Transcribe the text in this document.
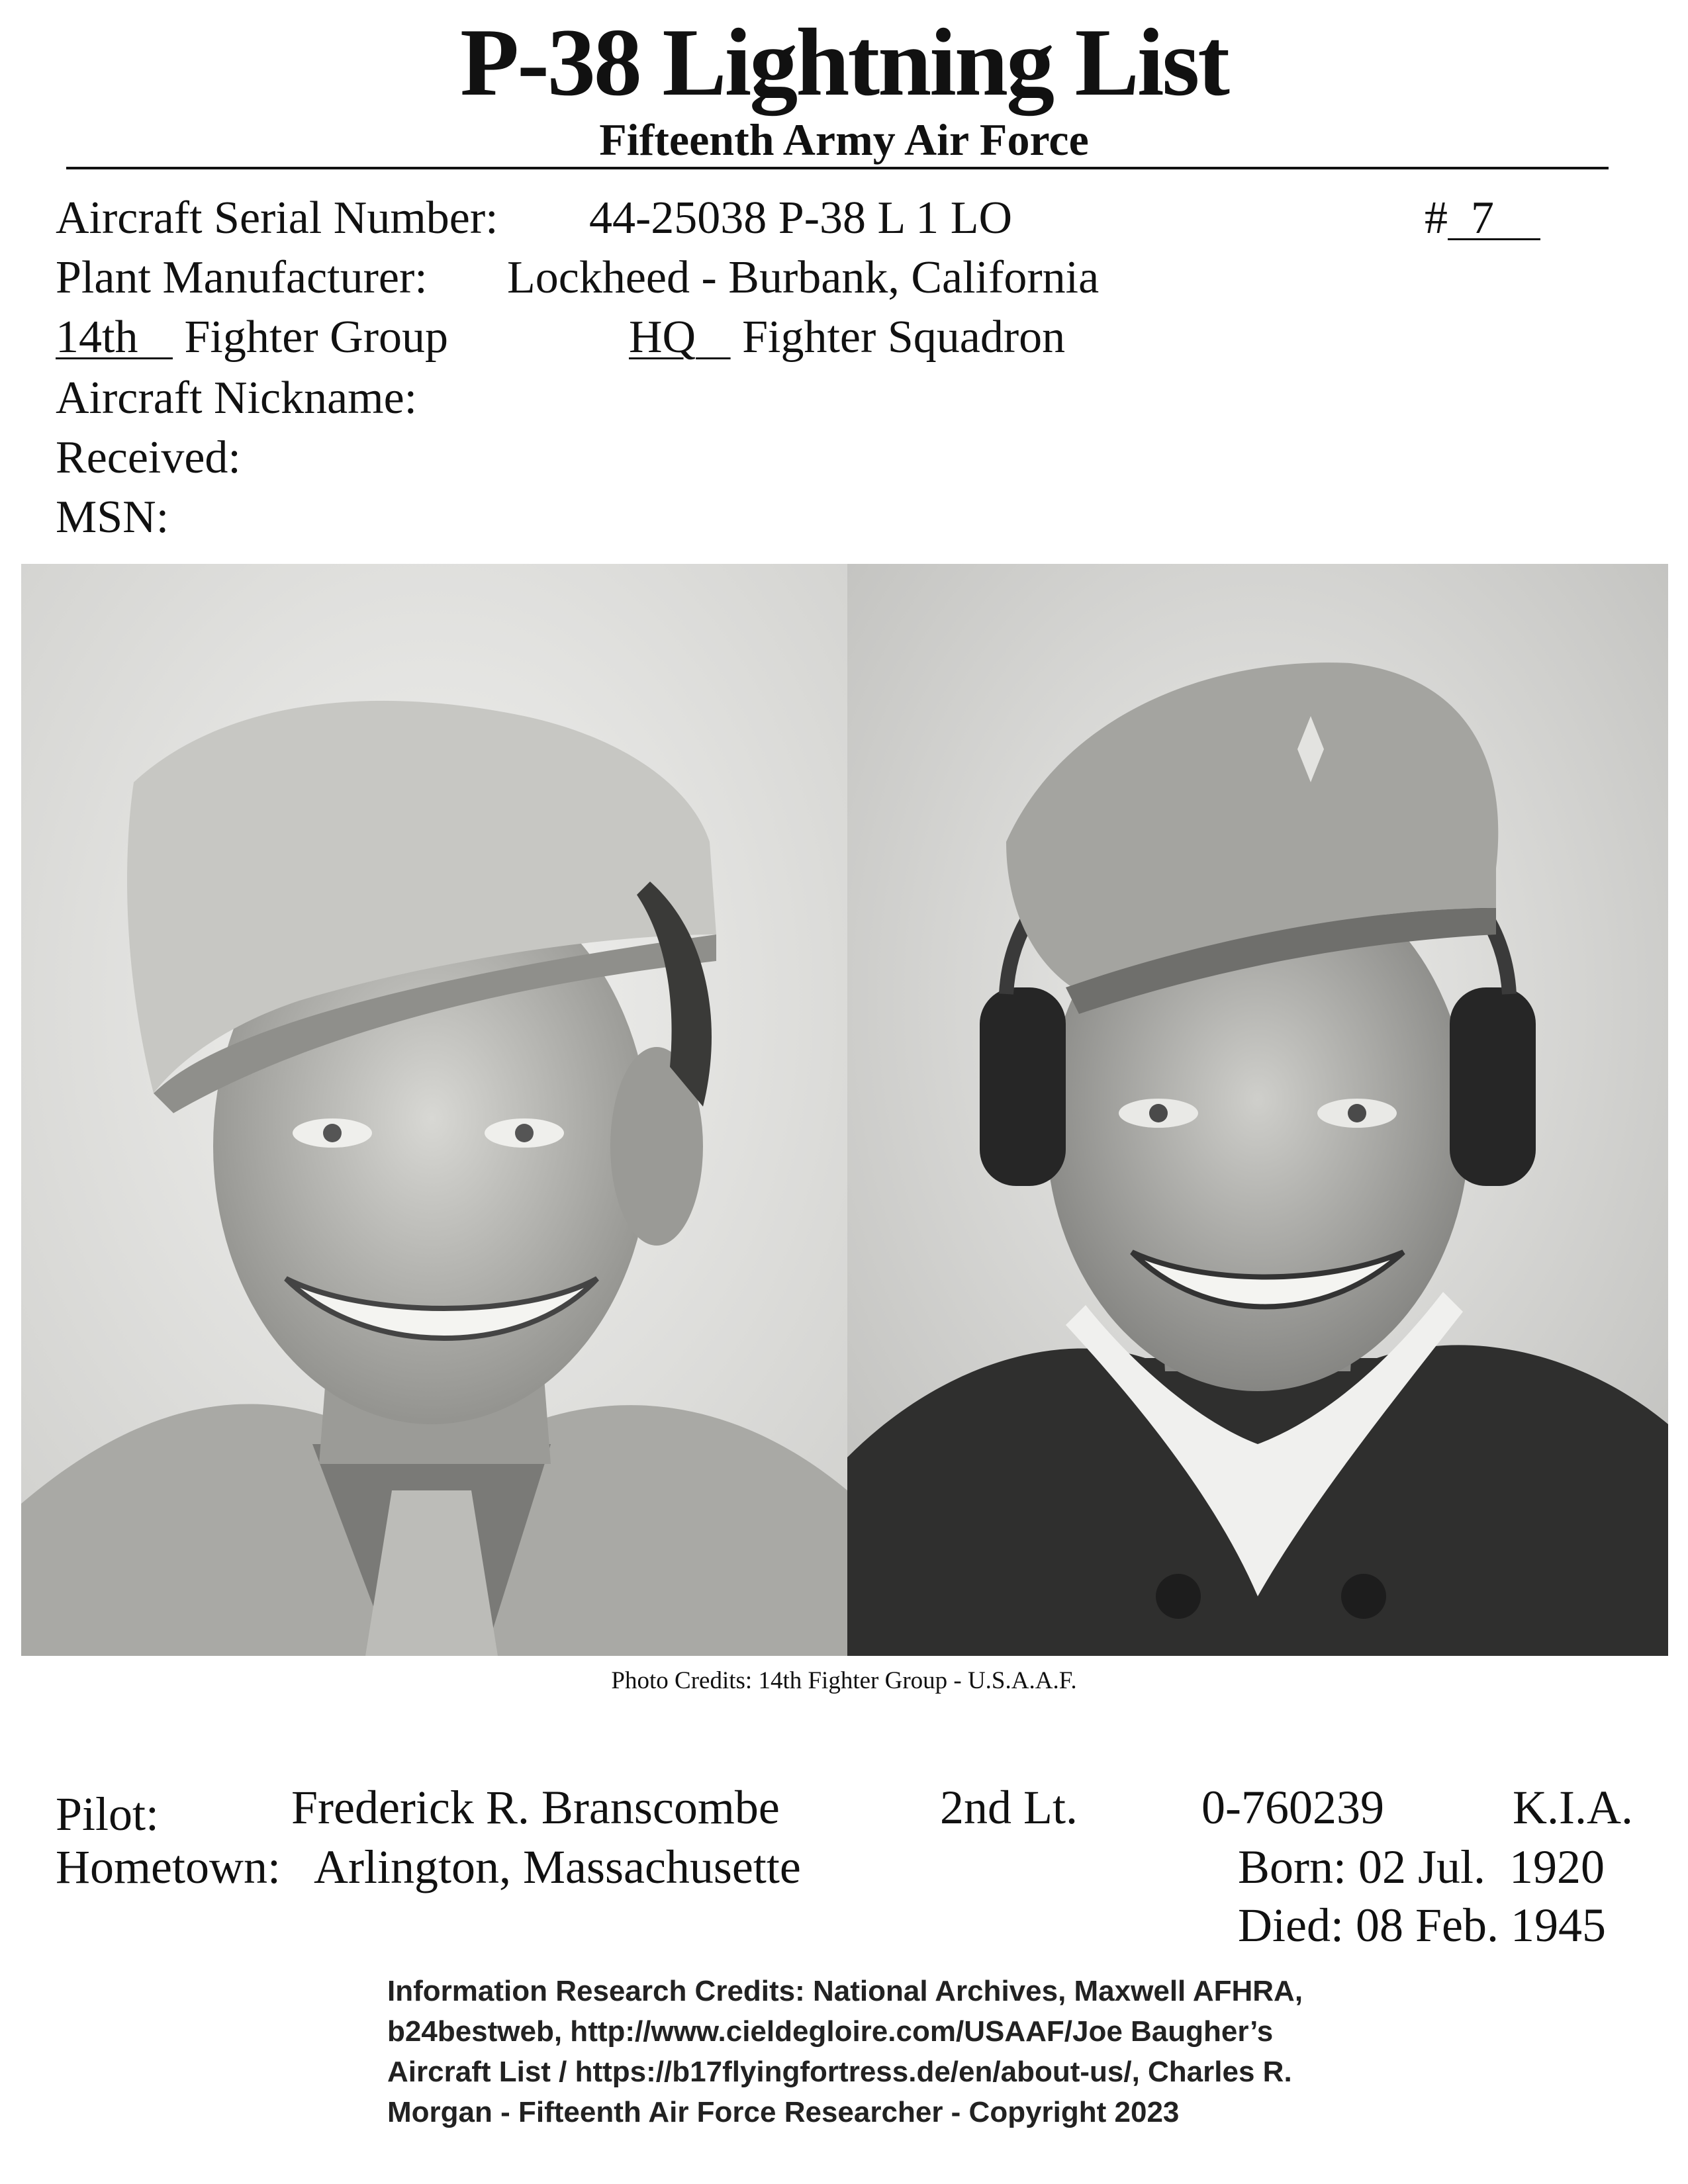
P-38 Lightning List
Fifteenth Army Air Force
Aircraft Serial Number: 44-25038 P-38 L 1 LO	# 7
Plant Manufacturer: Lockheed - Burbank, California
14th Fighter Group	HQ Fighter Squadron
Aircraft Nickname:
Received:
MSN:
Photo Credits: 14th Fighter Group - U.S.A.A.F.
Pilot:	Frederick R. Branscombe	2nd Lt.	0-760239	K.I.A.
Hometown: Arlington, Massachusette	Born: 02 Jul.  1920
Died: 08 Feb. 1945
Information Research Credits: National Archives, Maxwell AFHRA, b24bestweb, http://www.cieldegloire.com/USAAF/Joe Baugher’s Aircraft List / https://b17flyingfortress.de/en/about-us/, Charles R. Morgan - Fifteenth Air Force Researcher - Copyright 2023
